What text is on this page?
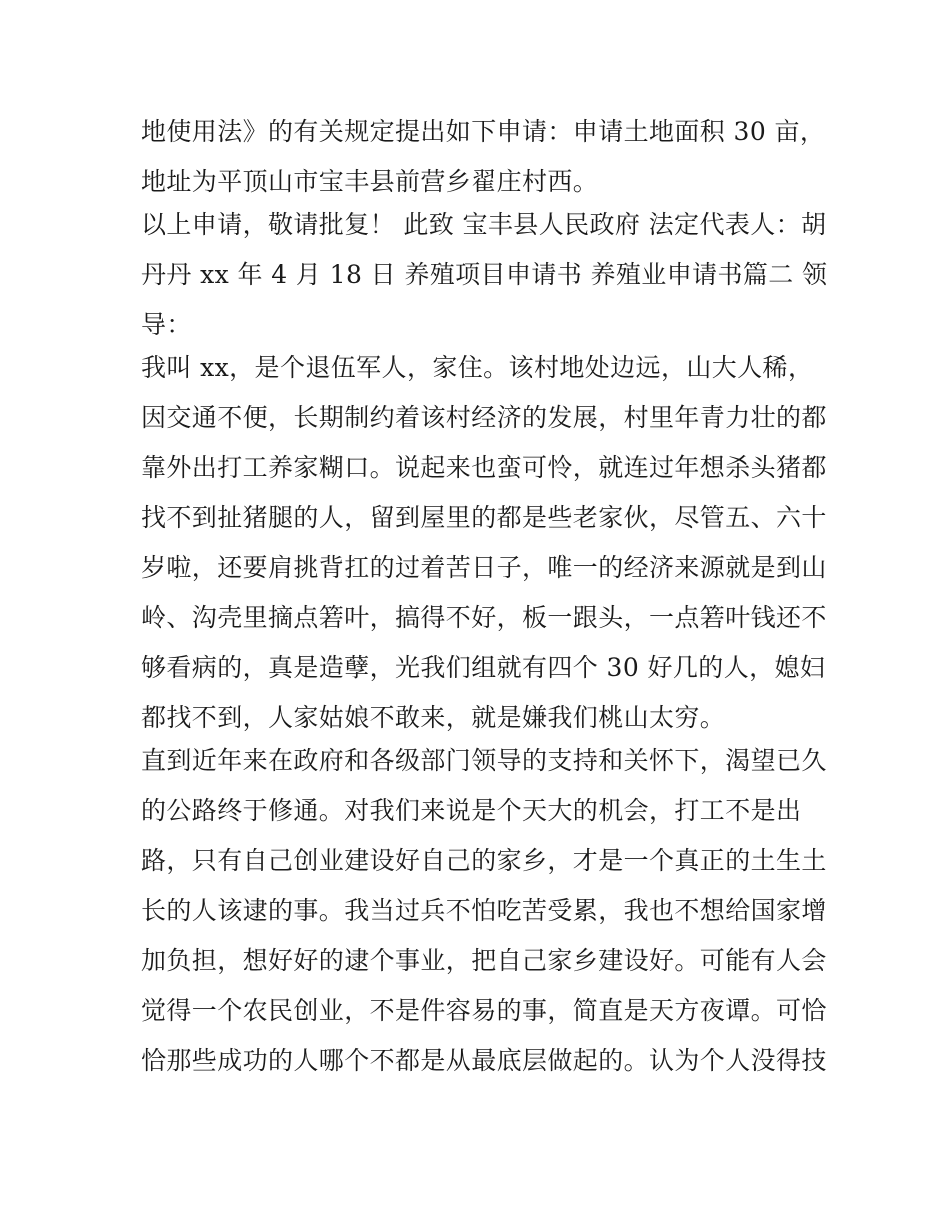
地使用法》的有关规定提出如下申请：申请土地面积 30 亩，
地址为平顶山市宝丰县前营乡翟庄村西。
以上申请，敬请批复！ 此致 宝丰县人民政府 法定代表人：胡
丹丹 xx 年 4 月 18 日 养殖项目申请书 养殖业申请书篇二 领
导：
我叫 xx，是个退伍军人，家住。该村地处边远，山大人稀，
因交通不便，长期制约着该村经济的发展，村里年青力壮的都
靠外出打工养家糊口。说起来也蛮可怜，就连过年想杀头猪都
找不到扯猪腿的人，留到屋里的都是些老家伙，尽管五、六十
岁啦，还要肩挑背扛的过着苦日子，唯一的经济来源就是到山
岭、沟壳里摘点箬叶，搞得不好，板一跟头，一点箬叶钱还不
够看病的，真是造孽，光我们组就有四个 30 好几的人，媳妇
都找不到，人家姑娘不敢来，就是嫌我们桃山太穷。
直到近年来在政府和各级部门领导的支持和关怀下，渴望已久
的公路终于修通。对我们来说是个天大的机会，打工不是出
路，只有自己创业建设好自己的家乡，才是一个真正的土生土
长的人该逮的事。我当过兵不怕吃苦受累，我也不想给国家增
加负担，想好好的逮个事业，把自己家乡建设好。可能有人会
觉得一个农民创业，不是件容易的事，简直是天方夜谭。可恰
恰那些成功的人哪个不都是从最底层做起的。认为个人没得技
